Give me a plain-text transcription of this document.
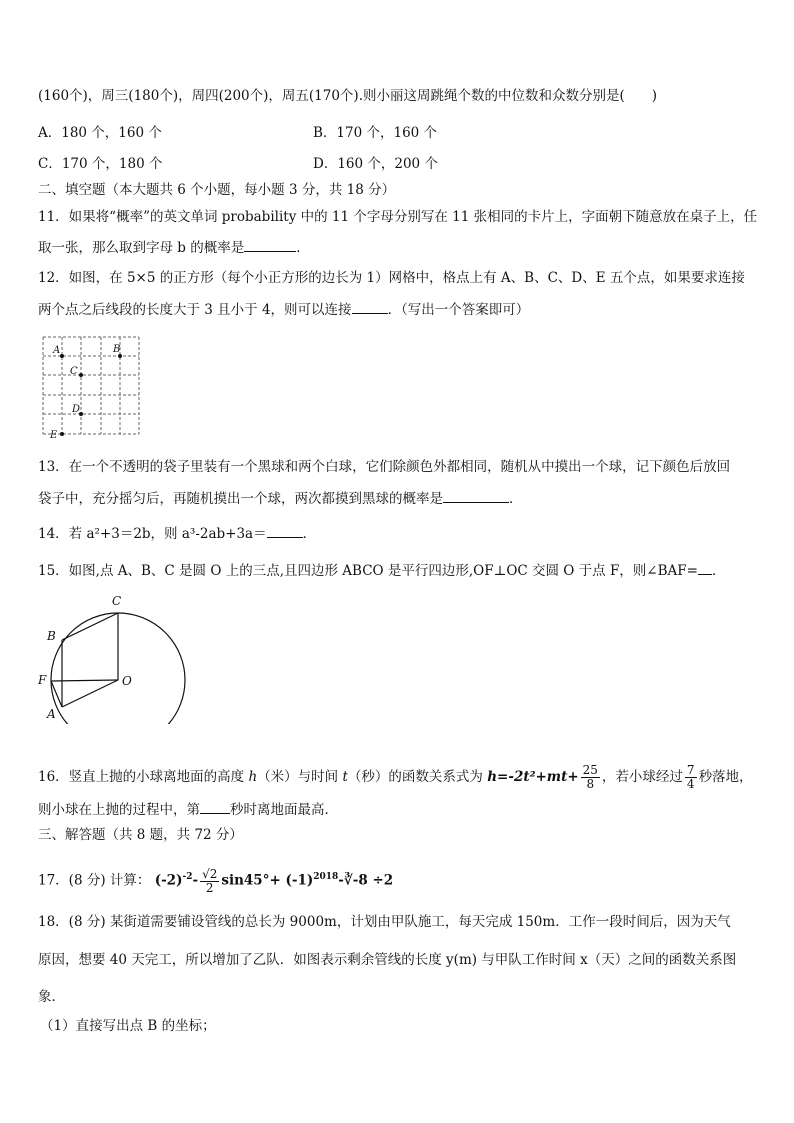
(160个)，周三(180个)，周四(200个)，周五(170个).则小丽这周跳绳个数的中位数和众数分别是(　　)
A．180 个，160 个	B．170 个，160 个
C．170 个，180 个	D．160 个，200 个
二、填空题（本大题共 6 个小题，每小题 3 分，共 18 分）
11．如果将“概率”的英文单词 probability 中的 11 个字母分别写在 11 张相同的卡片上，字面朝下随意放在桌子上，任
取一张，那么取到字母 b 的概率是	．
12．如图，在 5×5 的正方形（每个小正方形的边长为 1）网格中，格点上有 A、B、C、D、E 五个点，如果要求连接
两个点之后线段的长度大于 3 且小于 4，则可以连接	．（写出一个答案即可）
A	B
C
D
E
13．在一个不透明的袋子里装有一个黑球和两个白球，它们除颜色外都相同，随机从中摸出一个球，记下颜色后放回
袋子中，充分摇匀后，再随机摸出一个球，两次都摸到黑球的概率是	．
14．若 a²+3＝2b，则 a³-2ab+3a＝	．
15．如图,点 A、B、C 是圆 O 上的三点,且四边形 ABCO 是平行四边形,OF⊥OC 交圆 O 于点 F，则∠BAF= ．
C
B
F	O
A
16．竖直上抛的小球离地面的高度 h（米）与时间 t（秒）的函数关系式为 $h=-2t^2+mt+ \frac{25}{8}$ ，若小球经过 $\frac{7}{4}$ 秒落地，
则小球在上抛的过程中，第 秒时离地面最高．
三、解答题（共 8 题，共 72 分）
17．(8 分) 计算： $(-2)^{-2}- \frac{√2}{2} \sin 45^\circ+$ $(-1)^{2018}-∛-8 \div 2$
18．(8 分) 某街道需要铺设管线的总长为 9000m，计划由甲队施工，每天完成 150m．工作一段时间后，因为天气
原因，想要 40 天完工，所以增加了乙队．如图表示剩余管线的长度 y(m) 与甲队工作时间 x（天）之间的函数关系图
象．
（1）直接写出点 B 的坐标；
